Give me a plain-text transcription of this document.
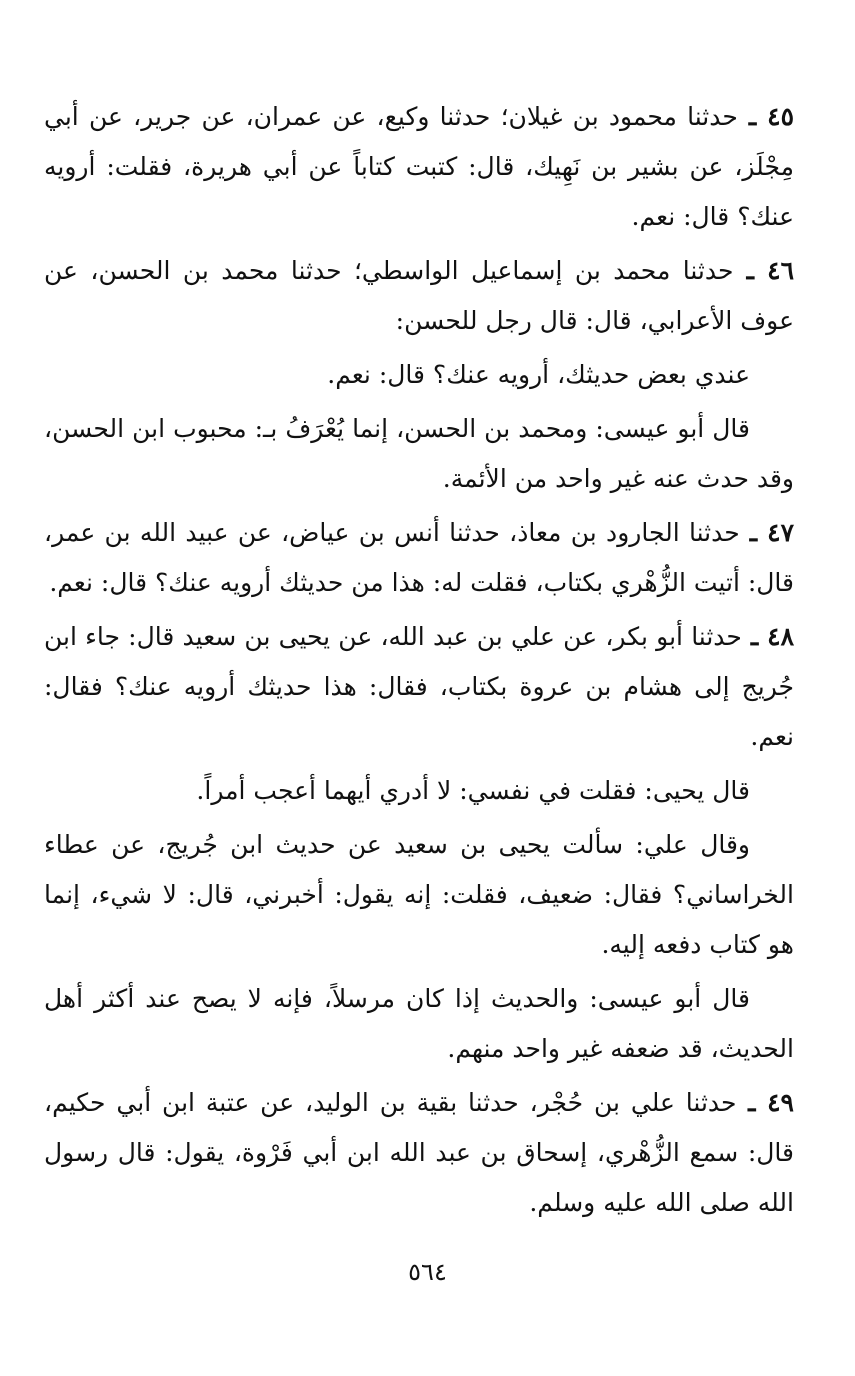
٤٥ ـ حدثنا محمود بن غيلان؛ حدثنا وكيع، عن عمران، عن جرير، عن أبي مِجْلَز، عن بشير بن نَهِيك، قال: كتبت كتاباً عن أبي هريرة، فقلت: أرويه عنك؟ قال: نعم.

٤٦ ـ حدثنا محمد بن إسماعيل الواسطي؛ حدثنا محمد بن الحسن، عن عوف الأعرابي، قال: قال رجل للحسن:

عندي بعض حديثك، أرويه عنك؟ قال: نعم.

قال أبو عيسى: ومحمد بن الحسن، إنما يُعْرَفُ بـ: محبوب ابن الحسن، وقد حدث عنه غير واحد من الأئمة.

٤٧ ـ حدثنا الجارود بن معاذ، حدثنا أنس بن عياض، عن عبيد الله بن عمر، قال: أتيت الزُّهْري بكتاب، فقلت له: هذا من حديثك أرويه عنك؟ قال: نعم.

٤٨ ـ حدثنا أبو بكر، عن علي بن عبد الله، عن يحيى بن سعيد قال: جاء ابن جُريج إلى هشام بن عروة بكتاب، فقال: هذا حديثك أرويه عنك؟ فقال: نعم.

قال يحيى: فقلت في نفسي: لا أدري أيهما أعجب أمراً.

وقال علي: سألت يحيى بن سعيد عن حديث ابن جُريج، عن عطاء الخراساني؟ فقال: ضعيف، فقلت: إنه يقول: أخبرني، قال: لا شيء، إنما هو كتاب دفعه إليه.

قال أبو عيسى: والحديث إذا كان مرسلاً، فإنه لا يصح عند أكثر أهل الحديث، قد ضعفه غير واحد منهم.

٤٩ ـ حدثنا علي بن حُجْر، حدثنا بقية بن الوليد، عن عتبة ابن أبي حكيم، قال: سمع الزُّهْري، إسحاق بن عبد الله ابن أبي فَرْوة، يقول: قال رسول الله صلى الله عليه وسلم.

٥٦٤
